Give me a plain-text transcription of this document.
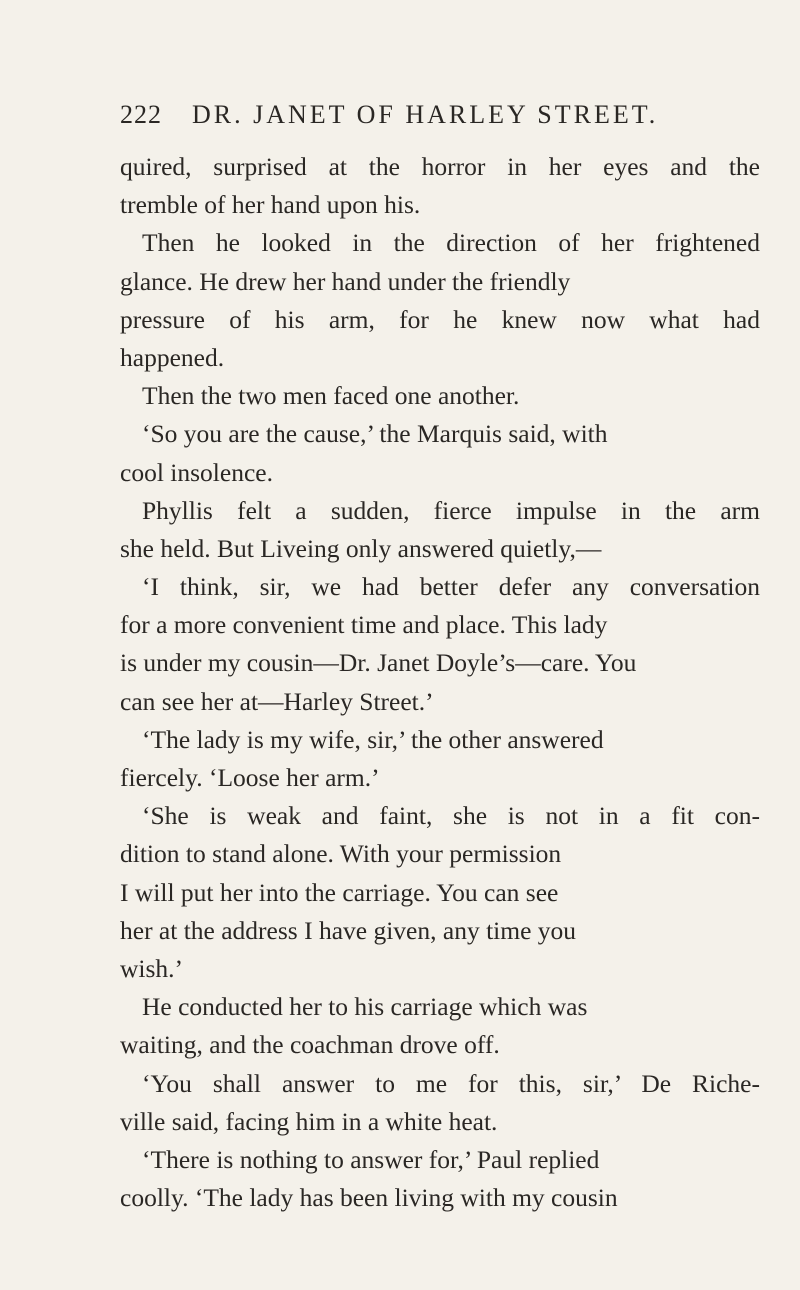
222 DR. JANET OF HARLEY STREET.
quired, surprised at the horror in her eyes and the
tremble of her hand upon his.
Then he looked in the direction of her frightened
glance. He drew her hand under the friendly
pressure of his arm, for he knew now what had
happened.
Then the two men faced one another.
‘So you are the cause,’ the Marquis said, with
cool insolence.
Phyllis felt a sudden, fierce impulse in the arm
she held. But Liveing only answered quietly,—
‘I think, sir, we had better defer any conversation
for a more convenient time and place. This lady
is under my cousin—Dr. Janet Doyle’s—care. You
can see her at—Harley Street.’
‘The lady is my wife, sir,’ the other answered
fiercely. ‘Loose her arm.’
‘She is weak and faint, she is not in a fit con-
dition to stand alone. With your permission
I will put her into the carriage. You can see
her at the address I have given, any time you
wish.’
He conducted her to his carriage which was
waiting, and the coachman drove off.
‘You shall answer to me for this, sir,’ De Riche-
ville said, facing him in a white heat.
‘There is nothing to answer for,’ Paul replied
coolly. ‘The lady has been living with my cousin
